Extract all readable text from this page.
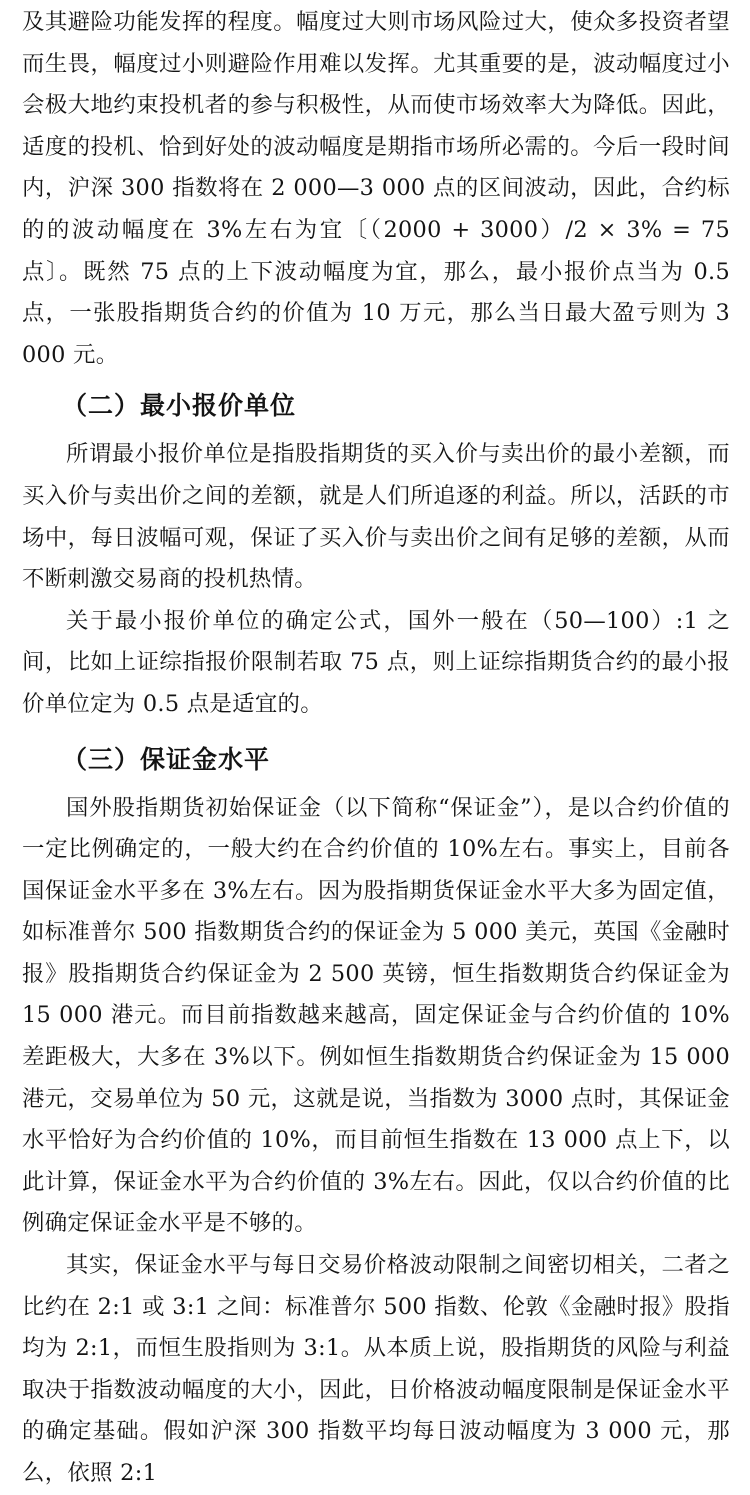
及其避险功能发挥的程度。幅度过大则市场风险过大，使众多投资者望而生畏，幅度过小则避险作用难以发挥。尤其重要的是，波动幅度过小会极大地约束投机者的参与积极性，从而使市场效率大为降低。因此，适度的投机、恰到好处的波动幅度是期指市场所必需的。今后一段时间内，沪深 300 指数将在 2 000—3 000 点的区间波动，因此，合约标的的波动幅度在 3%左右为宜〔（2000 + 3000）/2 × 3% = 75 点〕。既然 75 点的上下波动幅度为宜，那么，最小报价点当为 0.5 点，一张股指期货合约的价值为 10 万元，那么当日最大盈亏则为 3 000 元。

（二）最小报价单位

所谓最小报价单位是指股指期货的买入价与卖出价的最小差额，而买入价与卖出价之间的差额，就是人们所追逐的利益。所以，活跃的市场中，每日波幅可观，保证了买入价与卖出价之间有足够的差额，从而不断刺激交易商的投机热情。

关于最小报价单位的确定公式，国外一般在（50—100）:1 之间，比如上证综指报价限制若取 75 点，则上证综指期货合约的最小报价单位定为 0.5 点是适宜的。

（三）保证金水平

国外股指期货初始保证金（以下简称“保证金”），是以合约价值的一定比例确定的，一般大约在合约价值的 10%左右。事实上，目前各国保证金水平多在 3%左右。因为股指期货保证金水平大多为固定值，如标准普尔 500 指数期货合约的保证金为 5 000 美元，英国《金融时报》股指期货合约保证金为 2 500 英镑，恒生指数期货合约保证金为 15 000 港元。而目前指数越来越高，固定保证金与合约价值的 10%差距极大，大多在 3%以下。例如恒生指数期货合约保证金为 15 000 港元，交易单位为 50 元，这就是说，当指数为 3000 点时，其保证金水平恰好为合约价值的 10%，而目前恒生指数在 13 000 点上下，以此计算，保证金水平为合约价值的 3%左右。因此，仅以合约价值的比例确定保证金水平是不够的。

其实，保证金水平与每日交易价格波动限制之间密切相关，二者之比约在 2:1 或 3:1 之间：标准普尔 500 指数、伦敦《金融时报》股指均为 2:1，而恒生股指则为 3:1。从本质上说，股指期货的风险与利益取决于指数波动幅度的大小，因此，日价格波动幅度限制是保证金水平的确定基础。假如沪深 300 指数平均每日波动幅度为 3 000 元，那么，依照 2:1
